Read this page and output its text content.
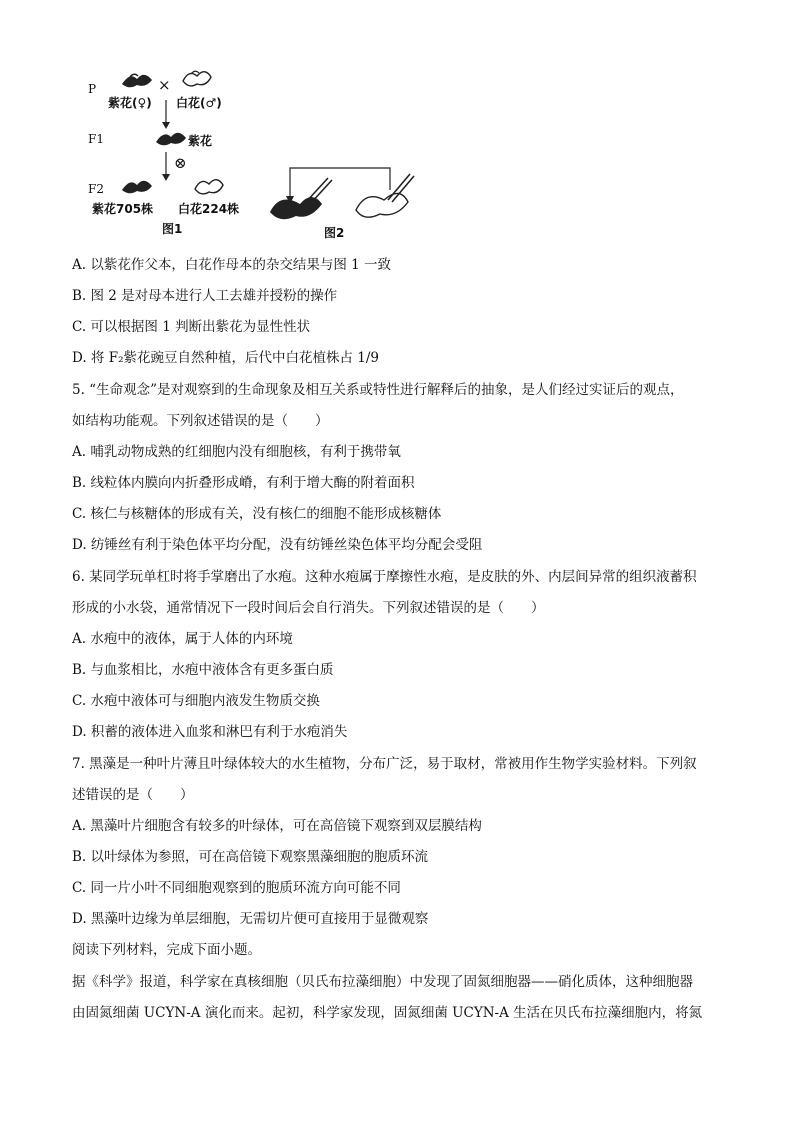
P
紫花(♀)
×
白花(♂)
F1	紫花
⊗
F2
紫花705株 白花224株
图1	图2
A. 以紫花作父本，白花作母本的杂交结果与图 1 一致
B. 图 2 是对母本进行人工去雄并授粉的操作
C. 可以根据图 1 判断出紫花为显性性状
D. 将 F₂紫花豌豆自然种植，后代中白花植株占 1/9
5. “生命观念”是对观察到的生命现象及相互关系或特性进行解释后的抽象，是人们经过实证后的观点，
如结构功能观。下列叙述错误的是（　　）
A. 哺乳动物成熟的红细胞内没有细胞核，有利于携带氧
B. 线粒体内膜向内折叠形成嵴，有利于增大酶的附着面积
C. 核仁与核糖体的形成有关，没有核仁的细胞不能形成核糖体
D. 纺锤丝有利于染色体平均分配，没有纺锤丝染色体平均分配会受阻
6. 某同学玩单杠时将手掌磨出了水疱。这种水疱属于摩擦性水疱，是皮肤的外、内层间异常的组织液蓄积
形成的小水袋，通常情况下一段时间后会自行消失。下列叙述错误的是（　　）
A. 水疱中的液体，属于人体的内环境
B. 与血浆相比，水疱中液体含有更多蛋白质
C. 水疱中液体可与细胞内液发生物质交换
D. 积蓄的液体进入血浆和淋巴有利于水疱消失
7. 黑藻是一种叶片薄且叶绿体较大的水生植物，分布广泛，易于取材，常被用作生物学实验材料。下列叙
述错误的是（　　）
A. 黑藻叶片细胞含有较多的叶绿体，可在高倍镜下观察到双层膜结构
B. 以叶绿体为参照，可在高倍镜下观察黑藻细胞的胞质环流
C. 同一片小叶不同细胞观察到的胞质环流方向可能不同
D. 黑藻叶边缘为单层细胞，无需切片便可直接用于显微观察
阅读下列材料，完成下面小题。
据《科学》报道，科学家在真核细胞（贝氏布拉藻细胞）中发现了固氮细胞器——硝化质体，这种细胞器
由固氮细菌 UCYN-A 演化而来。起初，科学家发现，固氮细菌 UCYN-A 生活在贝氏布拉藻细胞内，将氮
